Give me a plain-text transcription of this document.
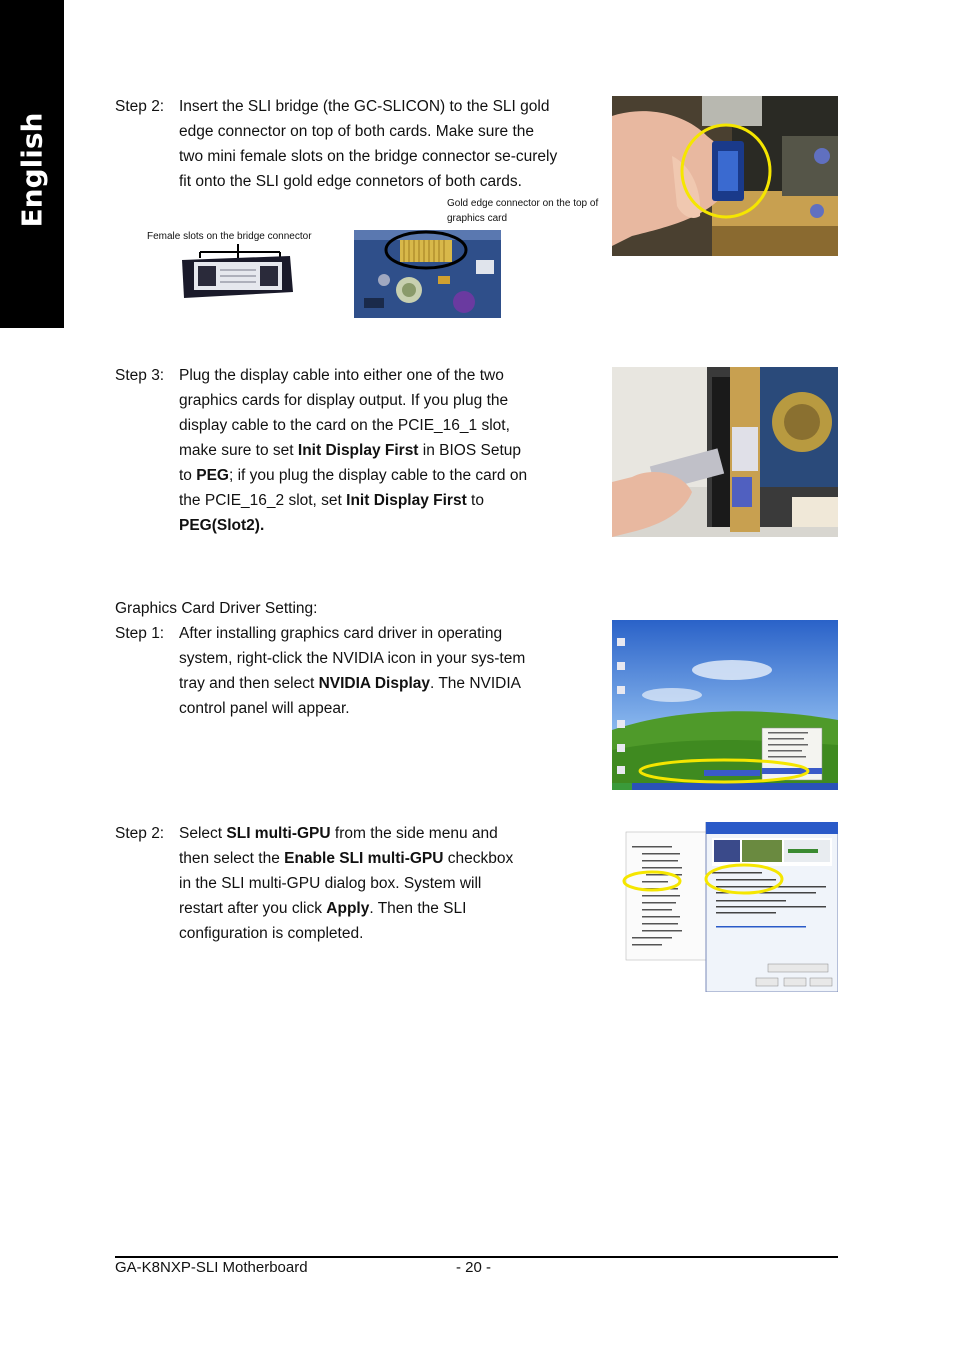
English
Step 2: Insert the SLI bridge (the GC-SLICON) to the SLI gold edge connector on top of both cards. Make sure the two mini female slots on the bridge connector se-curely fit onto the SLI gold edge connetors of both cards.
Gold edge connector on the top of graphics card
Female slots on the bridge connector
Step 3: Plug the display cable into either one of the two graphics cards for display output. If you plug the display cable to the card on the PCIE_16_1 slot, make sure to set Init Display First in BIOS Setup to PEG; if you plug the display cable to the card on the PCIE_16_2 slot, set Init Display First to PEG(Slot2).
Graphics Card Driver Setting:
Step 1: After installing graphics card driver in operating system, right-click the NVIDIA icon in your sys-tem tray and then select NVIDIA Display. The NVIDIA control panel will appear.
Step 2: Select SLI multi-GPU from the side menu and then select the Enable SLI multi-GPU checkbox in the SLI multi-GPU dialog box. System will restart after you click Apply. Then the SLI configuration is completed.
GA-K8NXP-SLI Motherboard	- 20 -
